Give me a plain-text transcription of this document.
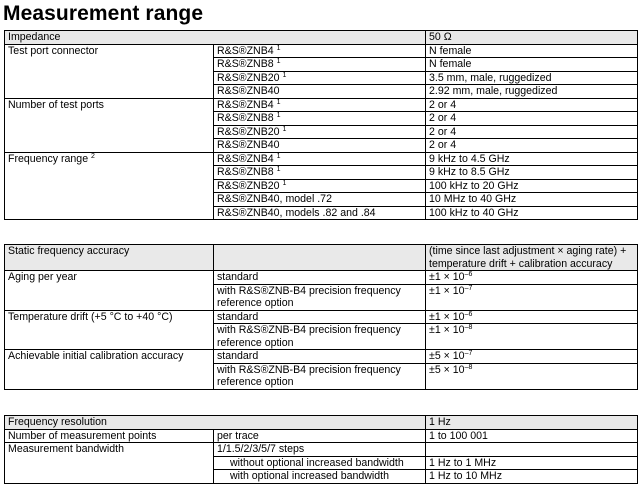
Measurement range
Impedance		50 Ω
Test port connector	R&S®ZNB4 $^1$	N female
	R&S®ZNB8 $^1$	N female
	R&S®ZNB20 $^1$	3.5 mm, male, ruggedized
	R&S®ZNB40	2.92 mm, male, ruggedized
Number of test ports	R&S®ZNB4 $^1$	2 or 4
	R&S®ZNB8 $^1$	2 or 4
	R&S®ZNB20 $^1$	2 or 4
	R&S®ZNB40	2 or 4
Frequency range $^2$	R&S®ZNB4 $^1$	9 kHz to 4.5 GHz
	R&S®ZNB8 $^1$	9 kHz to 8.5 GHz
	R&S®ZNB20 $^1$	100 kHz to 20 GHz
	R&S®ZNB40, model .72	10 MHz to 40 GHz
	R&S®ZNB40, models .82 and .84	100 kHz to 40 GHz
Static frequency accuracy		(time since last adjustment × aging rate) + temperature drift + calibration accuracy
Aging per year	standard	$\pm 1 \times 10^{-6}$
	with R&S®ZNB-B4 precision frequency reference option	$\pm 1 \times 10^{-7}$
Temperature drift (+5 °C to +40 °C)	standard	$\pm 1 \times 10^{-6}$
	with R&S®ZNB-B4 precision frequency reference option	$\pm 1 \times 10^{-8}$
Achievable initial calibration accuracy	standard	$\pm 5 \times 10^{-7}$
	with R&S®ZNB-B4 precision frequency reference option	$\pm 5 \times 10^{-8}$
Frequency resolution		1 Hz
Number of measurement points	per trace	1 to 100 001
Measurement bandwidth	1/1.5/2/3/5/7 steps	
	without optional increased bandwidth	1 Hz to 1 MHz
	with optional increased bandwidth	1 Hz to 10 MHz
